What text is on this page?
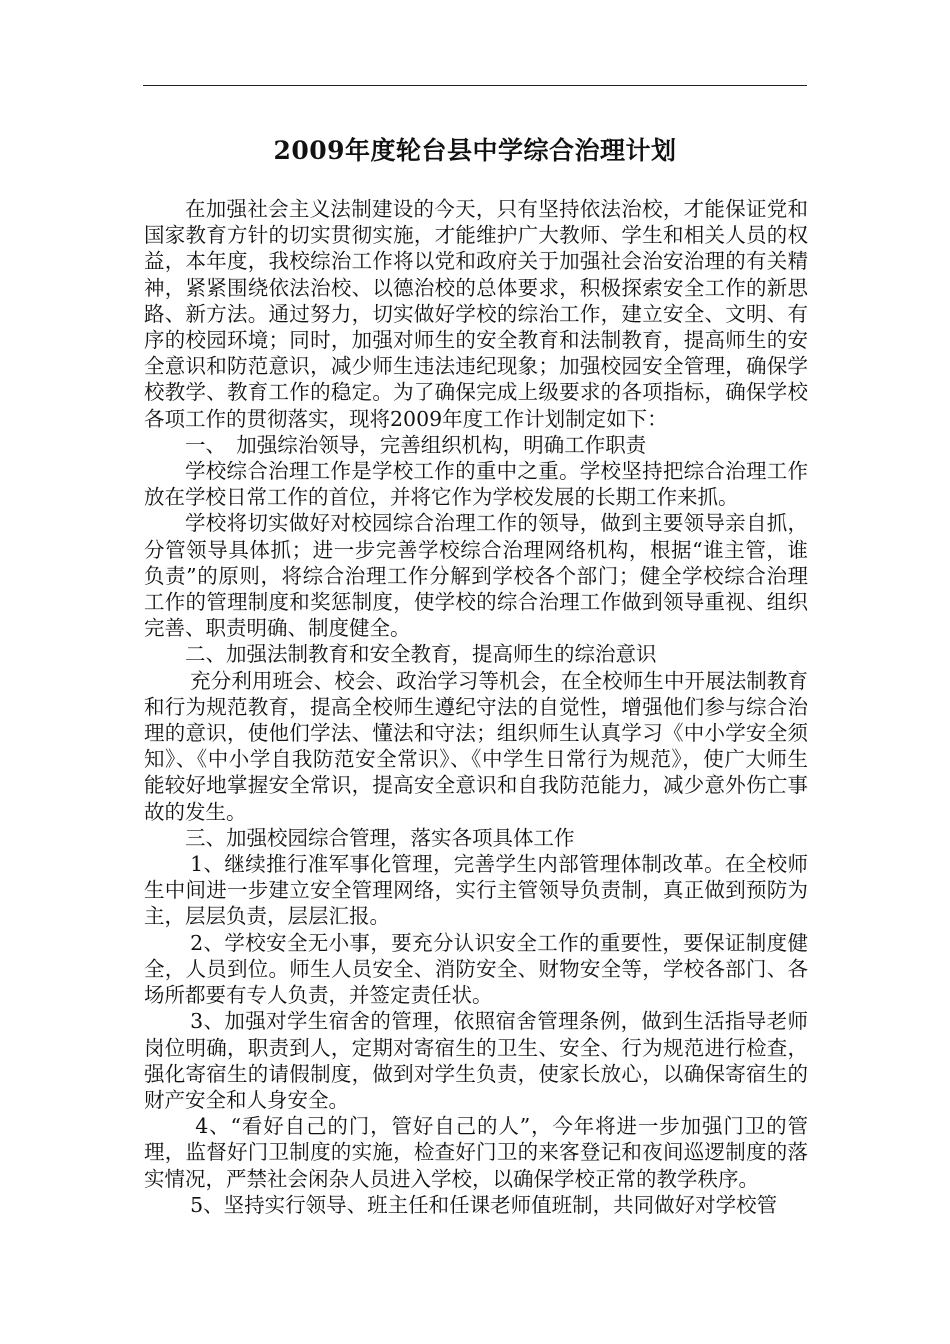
2009年度轮台县中学综合治理计划

在加强社会主义法制建设的今天，只有坚持依法治校，才能保证党和国家教育方针的切实贯彻实施，才能维护广大教师、学生和相关人员的权益，本年度，我校综治工作将以党和政府关于加强社会治安治理的有关精神，紧紧围绕依法治校、以德治校的总体要求，积极探索安全工作的新思路、新方法。通过努力，切实做好学校的综治工作，建立安全、文明、有序的校园环境；同时，加强对师生的安全教育和法制教育，提高师生的安全意识和防范意识，减少师生违法违纪现象；加强校园安全管理，确保学校教学、教育工作的稳定。为了确保完成上级要求的各项指标，确保学校各项工作的贯彻落实，现将2009年度工作计划制定如下：

一、　加强综治领导，完善组织机构，明确工作职责

学校综合治理工作是学校工作的重中之重。学校坚持把综合治理工作放在学校日常工作的首位，并将它作为学校发展的长期工作来抓。

学校将切实做好对校园综合治理工作的领导，做到主要领导亲自抓，分管领导具体抓；进一步完善学校综合治理网络机构，根据“谁主管，谁负责”的原则，将综合治理工作分解到学校各个部门；健全学校综合治理工作的管理制度和奖惩制度，使学校的综合治理工作做到领导重视、组织完善、职责明确、制度健全。

二、加强法制教育和安全教育，提高师生的综治意识

充分利用班会、校会、政治学习等机会，在全校师生中开展法制教育和行为规范教育，提高全校师生遵纪守法的自觉性，增强他们参与综合治理的意识，使他们学法、懂法和守法；组织师生认真学习《中小学安全须知》、《中小学自我防范安全常识》、《中学生日常行为规范》，使广大师生能较好地掌握安全常识，提高安全意识和自我防范能力，减少意外伤亡事故的发生。

三、加强校园综合管理，落实各项具体工作

1、继续推行准军事化管理，完善学生内部管理体制改革。在全校师生中间进一步建立安全管理网络，实行主管领导负责制，真正做到预防为主，层层负责，层层汇报。

2、学校安全无小事，要充分认识安全工作的重要性，要保证制度健全，人员到位。师生人员安全、消防安全、财物安全等，学校各部门、各场所都要有专人负责，并签定责任状。

3、加强对学生宿舍的管理，依照宿舍管理条例，做到生活指导老师岗位明确，职责到人，定期对寄宿生的卫生、安全、行为规范进行检查，强化寄宿生的请假制度，做到对学生负责，使家长放心，以确保寄宿生的财产安全和人身安全。

4、“看好自己的门，管好自己的人”，今年将进一步加强门卫的管理，监督好门卫制度的实施，检查好门卫的来客登记和夜间巡逻制度的落实情况，严禁社会闲杂人员进入学校，以确保学校正常的教学秩序。

5、坚持实行领导、班主任和任课老师值班制，共同做好对学校管
